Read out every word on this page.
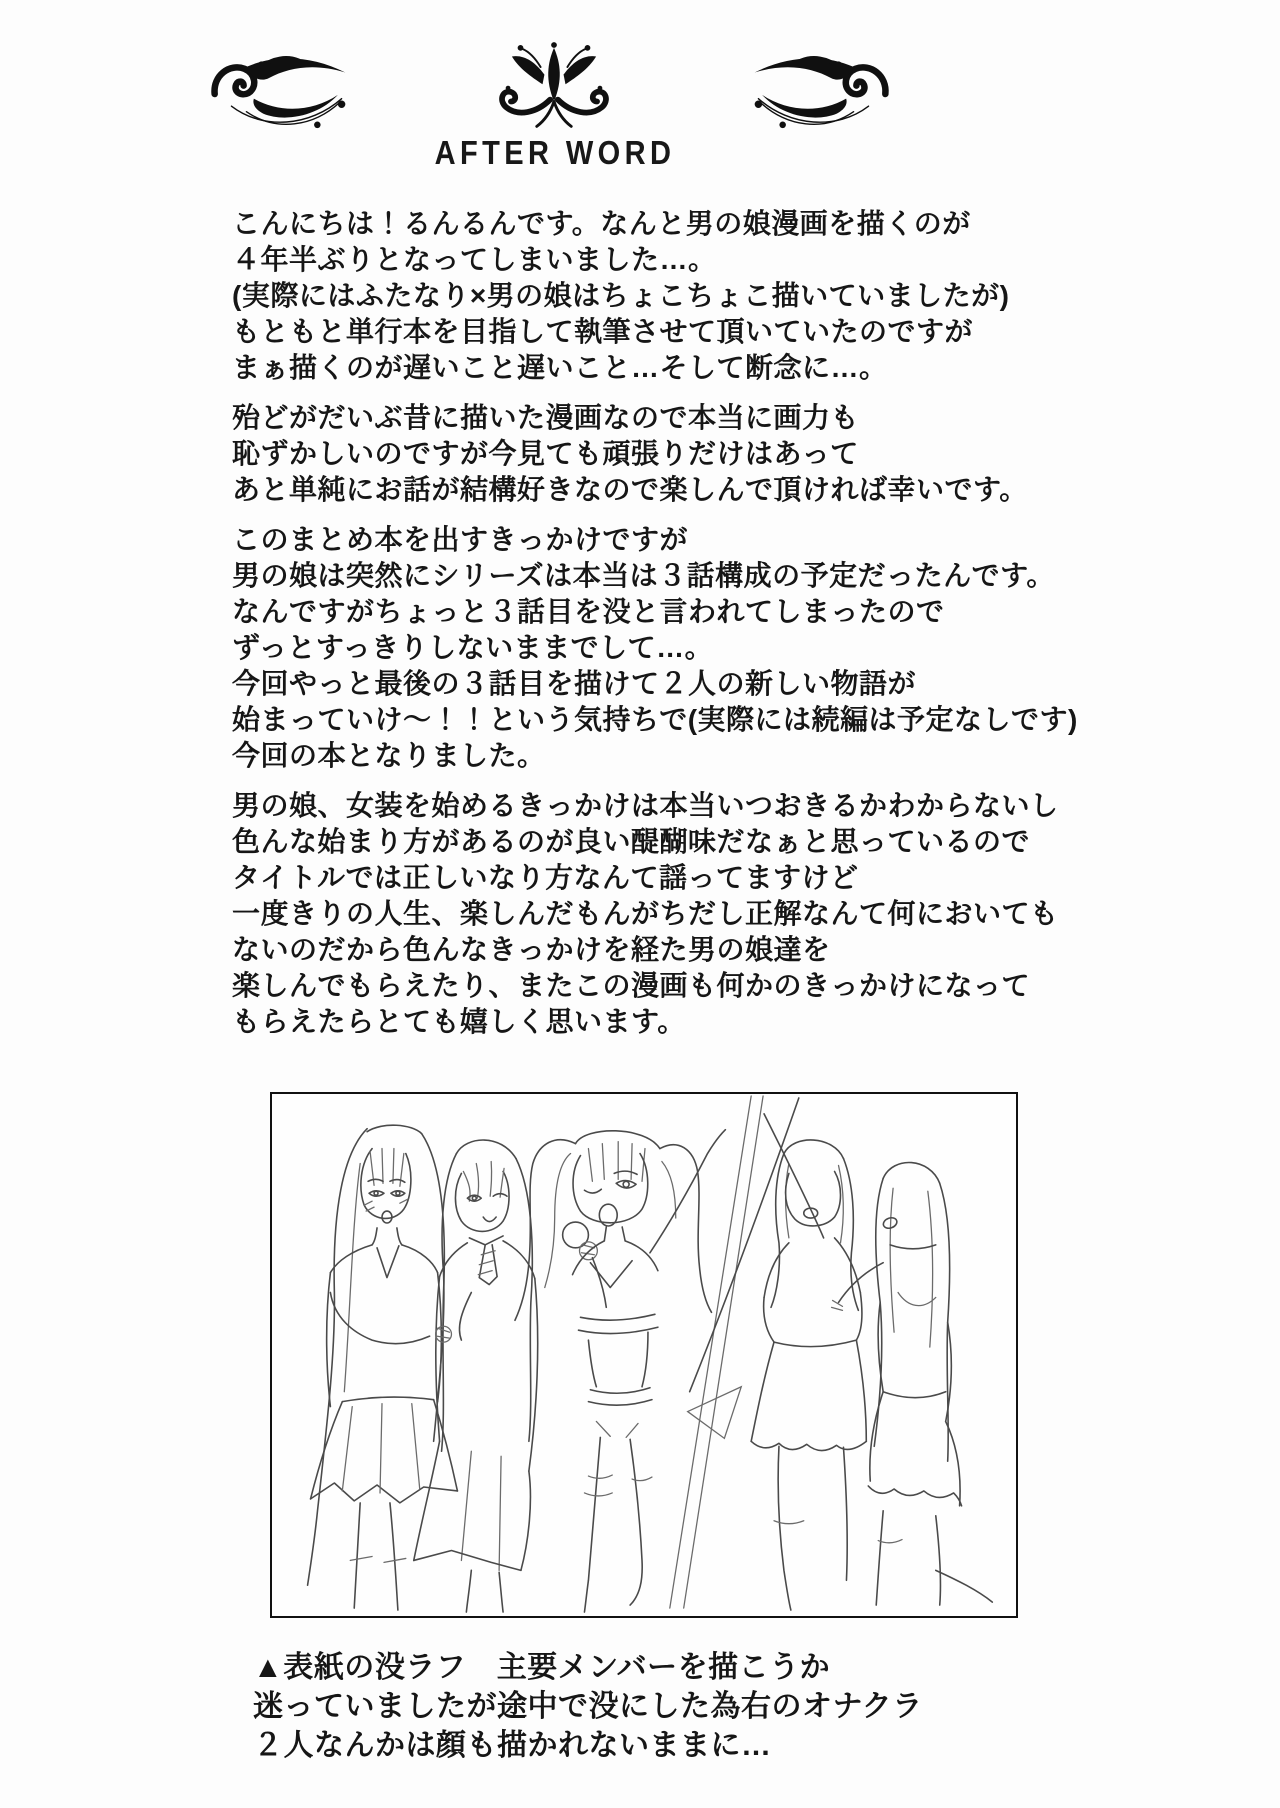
AFTER WORD
こんにちは！るんるんです。なんと男の娘漫画を描くのが
４年半ぶりとなってしまいました…。
(実際にはふたなり×男の娘はちょこちょこ描いていましたが)
もともと単行本を目指して執筆させて頂いていたのですが
まぁ描くのが遅いこと遅いこと…そして断念に…。
殆どがだいぶ昔に描いた漫画なので本当に画力も
恥ずかしいのですが今見ても頑張りだけはあって
あと単純にお話が結構好きなので楽しんで頂ければ幸いです。
このまとめ本を出すきっかけですが
男の娘は突然にシリーズは本当は３話構成の予定だったんです。
なんですがちょっと３話目を没と言われてしまったので
ずっとすっきりしないままでして…。
今回やっと最後の３話目を描けて２人の新しい物語が
始まっていけ〜！！という気持ちで(実際には続編は予定なしです)
今回の本となりました。
男の娘、女装を始めるきっかけは本当いつおきるかわからないし
色んな始まり方があるのが良い醍醐味だなぁと思っているので
タイトルでは正しいなり方なんて謡ってますけど
一度きりの人生、楽しんだもんがちだし正解なんて何においても
ないのだから色んなきっかけを経た男の娘達を
楽しんでもらえたり、またこの漫画も何かのきっかけになって
もらえたらとても嬉しく思います。
▲表紙の没ラフ　主要メンバーを描こうか
迷っていましたが途中で没にした為右のオナクラ
２人なんかは顔も描かれないままに…
